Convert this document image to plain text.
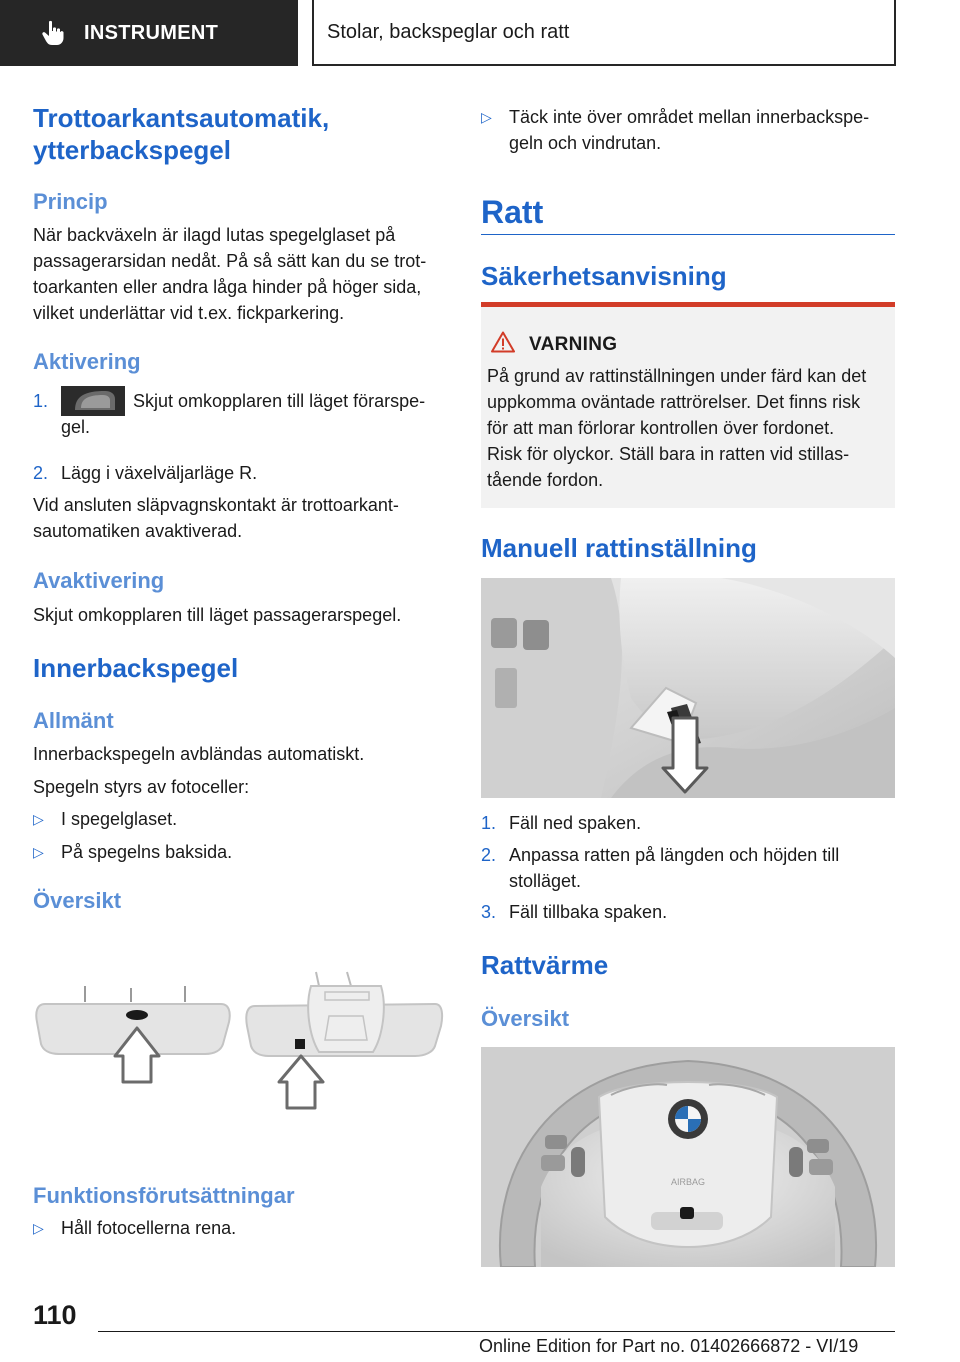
INSTRUMENT	Stolar, backspeglar och ratt
Trottoarkantsautomatik,
ytterbackspegel
Princip
När backväxeln är ilagd lutas spegelglaset på
passagerarsidan nedåt. På så sätt kan du se trot-
toarkanten eller andra låga hinder på höger sida,
vilket underlättar vid t.ex. fickparkering.
Aktivering
1.	Skjut omkopplaren till läget förarspe-
gel.
2. Lägg i växelväljarläge R.
Vid ansluten släpvagnskontakt är trottoarkant-
sautomatiken avaktiverad.
Avaktivering
Skjut omkopplaren till läget passagerarspegel.
Innerbackspegel
Allmänt
Innerbackspegeln avbländas automatiskt.
Spegeln styrs av fotoceller:
▷ I spegelglaset.
▷ På spegelns baksida.
Översikt
Funktionsförutsättningar
▷ Håll fotocellerna rena.
▷ Täck inte över området mellan innerbackspe-
geln och vindrutan.
Ratt
Säkerhetsanvisning
VARNING
På grund av rattinställningen under färd kan det
uppkomma oväntade rattrörelser. Det finns risk
för att man förlorar kontrollen över fordonet.
Risk för olyckor. Ställ bara in ratten vid stillas-
tående fordon.
Manuell rattinställning
1. Fäll ned spaken.
2. Anpassa ratten på längden och höjden till
stolläget.
3. Fäll tillbaka spaken.
Rattvärme
Översikt
AIRBAG
110
Online Edition for Part no. 01402666872 - VI/19
